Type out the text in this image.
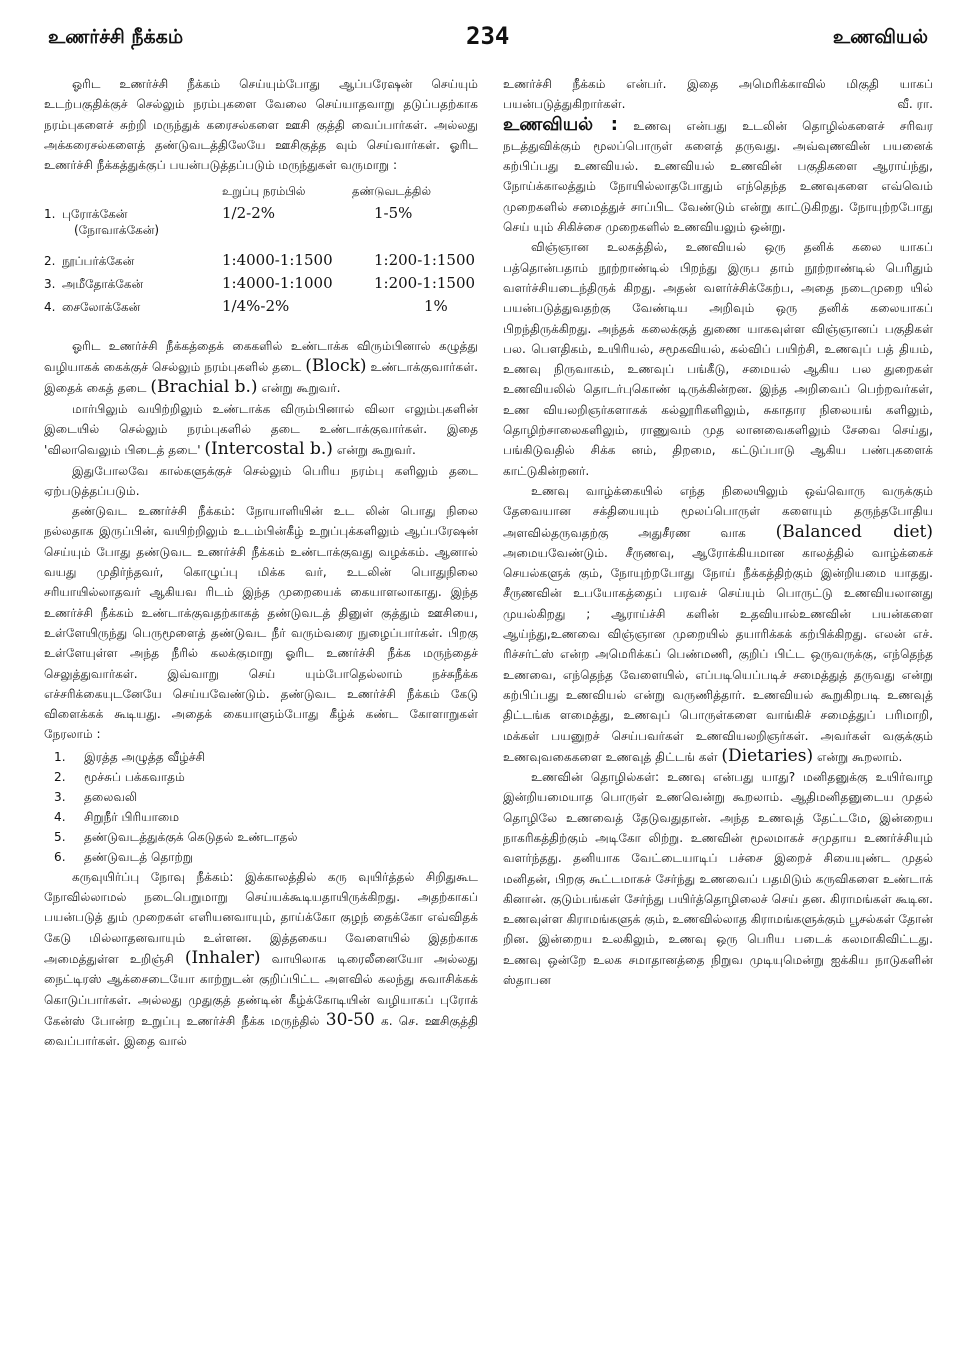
உணர்ச்சி நீக்கம்	234	உணவியல்

ஓரிட உணர்ச்சி நீக்கம் செய்யும்போது ஆப்பரேஷன் செய்யும் உடற்பகுதிக்குச் செல்லும் நரம்புகளை வேலை செய்யாதவாறு தடுப்பதற்காக நரம்புகளைச் சுற்றி மருந்துக் கரைசல்களை ஊசி குத்தி வைப்பார்கள். அல்லது அக்கரைசல்களைத் தண்டுவடத்திலேயே ஊசிகுத்த வும் செய்வார்கள். ஓரிட உணர்ச்சி நீக்கத்துக்குப் பயன்படுத்தப்படும் மருந்துகள் வருமாறு :

உறுப்பு நரம்பில்	தண்டுவடத்தில்
1. புரோக்கேன்	1/2-2%	1-5%
(நோவாக்கேன்)
2. நூப்பர்க்கேன்	1:4000-1:1500	1:200-1:1500
3. அமீதோக்கேன்	1:4000-1:1000	1:200-1:1500
4. சைலோக்கேன்	1/4%-2%	1%

ஓரிட உணர்ச்சி நீக்கத்தைக் கைகளில் உண்டாக்க விரும்பினால் கழுத்து வழியாகக் கைக்குச் செல்லும் நரம்புகளில் தடை (Block) உண்டாக்குவார்கள். இதைக் கைத் தடை (Brachial b.) என்று கூறுவர்.

மார்பிலும் வயிற்றிலும் உண்டாக்க விரும்பினால் விலா எலும்புகளின் இடையில் செல்லும் நரம்புகளில் தடை உண்டாக்குவார்கள். இதை 'விலாவெலும் பிடைத் தடை' (Intercostal b.) என்று கூறுவர்.

இதுபோலவே கால்களுக்குச் செல்லும் பெரிய நரம்பு களிலும் தடை ஏற்படுத்தப்படும்.

தண்டுவட உணர்ச்சி நீக்கம்: நோயாளியின் உட லின் பொது நிலை நல்லதாக இருப்பின், வயிற்றிலும் உடம்பின்கீழ் உறுப்புக்களிலும் ஆப்பரேஷன் செய்யும் போது தண்டுவட உணர்ச்சி நீக்கம் உண்டாக்குவது வழக்கம். ஆனால் வயது முதிர்ந்தவர், கொழுப்பு மிக்க வர், உடலின் பொதுநிலை சரியாயில்லாதவர் ஆகியவ ரிடம் இந்த முறையைக் கையாளலாகாது. இந்த உணர்ச்சி நீக்கம் உண்டாக்குவதற்காகத் தண்டுவடத் தினுள் குத்தும் ஊசியை, உள்ளேயிருந்து பெருமூளைத் தண்டுவட நீர் வரும்வரை நுழைப்பார்கள். பிறகு உள்ளேயுள்ள அந்த நீரில் கலக்குமாறு ஓரிட உணர்ச்சி நீக்க மருந்தைச் செலுத்துவார்கள். இவ்வாறு செய் யும்போதெல்லாம் நச்சுநீக்க எச்சரிக்கையுடனேயே செய்யவேண்டும். தண்டுவட உணர்ச்சி நீக்கம் கேடு விளைக்கக் கூடியது. அதைக் கையாளும்போது கீழ்க் கண்ட கோளாறுகள் நேரலாம் :

1.	இரத்த அழுத்த வீழ்ச்சி
2.	மூச்சுப் பக்கவாதம்
3.	தலைவலி
4.	சிறுநீர் பிரியாமை
5.	தண்டுவடத்துக்குக் கெடுதல் உண்டாதல்
6.	தண்டுவடத் தொற்று

கருவுயிர்ப்பு நோவு நீக்கம்: இக்காலத்தில் கரு வுயிர்த்தல் சிறிதுகூட நோவில்லாமல் நடைபெறுமாறு செய்யக்கூடியதாயிருக்கிறது. அதற்காகப் பயன்படுத் தும் முறைகள் எளியனவாயும், தாய்க்கோ குழந் தைக்கோ எவ்விதக் கேடு மில்லாதனவாயும் உள்ளன. இத்தகைய வேளையில் இதற்காக அமைத்துள்ள உறிஞ்சி (Inhaler) வாயிலாக டிரைலீனையோ அல்லது நைட்டிரஸ் ஆக்சைடையோ காற்றுடன் குறிப்பிட்ட அளவில் கலந்து சுவாசிக்கக் கொடுப்பார்கள். அல்லது முதுகுத் தண்டின் கீழ்க்கோடியின் வழியாகப் புரோக் கேன்ஸ் போன்ற உறுப்பு உணர்ச்சி நீக்க மருந்தில் 30-50 க. செ. ஊசிகுத்தி வைப்பார்கள். இதை வால்

உணர்ச்சி நீக்கம் என்பர். இதை அமெரிக்காவில் மிகுதி யாகப் பயன்படுத்துகிறார்கள்.	வீ. ரா.

உணவியல் : உணவு என்பது உடலின் தொழில்களைச் சரிவர நடத்துவிக்கும் மூலப்பொருள் களைத் தருவது. அவ்வுணவின் பயனைக் கற்பிப்பது உணவியல். உணவியல் உணவின் பகுதிகளை ஆராய்ந்து, நோய்க்காலத்தும் நோயில்லாதபோதும் எந்தெந்த உணவுகளை எவ்வெம் முறைகளில் சமைத்துச் சாப்பிட வேண்டும் என்று காட்டுகிறது. நோயுற்றபோது செய் யும் சிகிச்சை முறைகளில் உணவியலும் ஒன்று.

விஞ்ஞான உலகத்தில், உணவியல் ஒரு தனிக் கலை யாகப் பத்தொன்பதாம் நூற்றாண்டில் பிறந்து இருப தாம் நூற்றாண்டில் பெரிதும் வளர்ச்சியடைந்திருக் கிறது. அதன் வளர்ச்சிக்கேற்ப, அதை நடைமுறை யில் பயன்படுத்துவதற்கு வேண்டிய அறிவும் ஒரு தனிக் கலையாகப் பிறந்திருக்கிறது. அந்தக் கலைக்குத் துணை யாகவுள்ள விஞ்ஞானப் பகுதிகள் பல. பௌதிகம், உயிரியல், சமூகவியல், கல்விப் பயிற்சி, உணவுப் பத் தியம், உணவு நிருவாகம், உணவுப் பங்கீடு, சமையல் ஆகிய பல துறைகள் உணவியலில் தொடர்புகொண் டிருக்கின்றன. இந்த அறிவைப் பெற்றவர்கள், உண வியலறிஞர்களாகக் கல்லூரிகளிலும், சுகாதார நிலையங் களிலும், தொழிற்சாலைகளிலும், ராணுவம் முத லானவைகளிலும் சேவை செய்து, பங்கிடுவதில் சிக்க னம், திறமை, கட்டுப்பாடு ஆகிய பண்புகளைக் காட்டுகின்றனர்.

உணவு வாழ்க்கையில் எந்த நிலையிலும் ஒவ்வொரு வருக்கும் தேவையான சக்தியையும் மூலப்பொருள் களையும் தருந்தபோதிய அளவில்தருவதற்கு அதுசீரண வாக (Balanced diet) அமையவேண்டும். சீருணவு, ஆரோக்கியமான காலத்தில் வாழ்க்கைச் செயல்களுக் கும், நோயுற்றபோது நோய் நீக்கத்திற்கும் இன்றியமை யாதது. சீருணவின் உபயோகத்தைப் பரவச் செய்யும் பொருட்டு உணவியலானது முயல்கிறது ; ஆராய்ச்சி களின் உதவியால்உணவின் பயன்களை ஆய்ந்து,உணவை விஞ்ஞான முறையில் தயாரிக்கக் கற்பிக்கிறது. எலன் எச். ரிச்சர்ட்ஸ் என்ற அமெரிக்கப் பெண்மணி, குறிப் பிட்ட ஒருவருக்கு, எந்தெந்த உணவை, எந்தெந்த வேளையில், எப்படியெப்படிச் சமைத்துத் தருவது என்று கற்பிப்பது உணவியல் என்று வருணித்தார். உணவியல் கூறுகிறபடி உணவுத் திட்டங்க ளமைத்து, உணவுப் பொருள்களை வாங்கிச் சமைத்துப் பரிமாறி, மக்கள் பயனுறச் செய்பவர்கள் உணவியலறிஞர்கள். அவர்கள் வகுக்கும் உணவுவகைகளை உணவுத் திட்டங் கள் (Dietaries) என்று கூறலாம்.

உணவின் தொழில்கள்: உணவு என்பது யாது? மனிதனுக்கு உயிர்வாழ இன்றியமையாத பொருள் உணவென்று கூறலாம். ஆதிமனிதனுடைய முதல் தொழிலே உணவைத் தேடுவதுதான். அந்த உணவுத் தேட்டமே, இன்றைய நாகரிகத்திற்கும் அடிகோ லிற்று. உணவின் மூலமாகச் சமுதாய உணர்ச்சியும் வளர்ந்தது. தனியாக வேட்டையாடிப் பச்சை இறைச் சியையுண்ட முதல் மனிதன், பிறகு கூட்டமாகச் சேர்ந்து உணவைப் பதமிடும் கருவிகளை உண்டாக் கினான். குடும்பங்கள் சேர்ந்து பயிர்த்தொழிலைச் செய் தன. கிராமங்கள் கூடின. உணவுள்ள கிராமங்களுக் கும், உணவில்லாத கிராமங்களுக்கும் பூசல்கள் தோன் றின. இன்றைய உலகிலும், உணவு ஒரு பெரிய படைக் கலமாகிவிட்டது. உணவு ஒன்றே உலக சமாதானத்தை நிறுவ முடியுமென்று ஐக்கிய நாடுகளின் ஸ்தாபன
